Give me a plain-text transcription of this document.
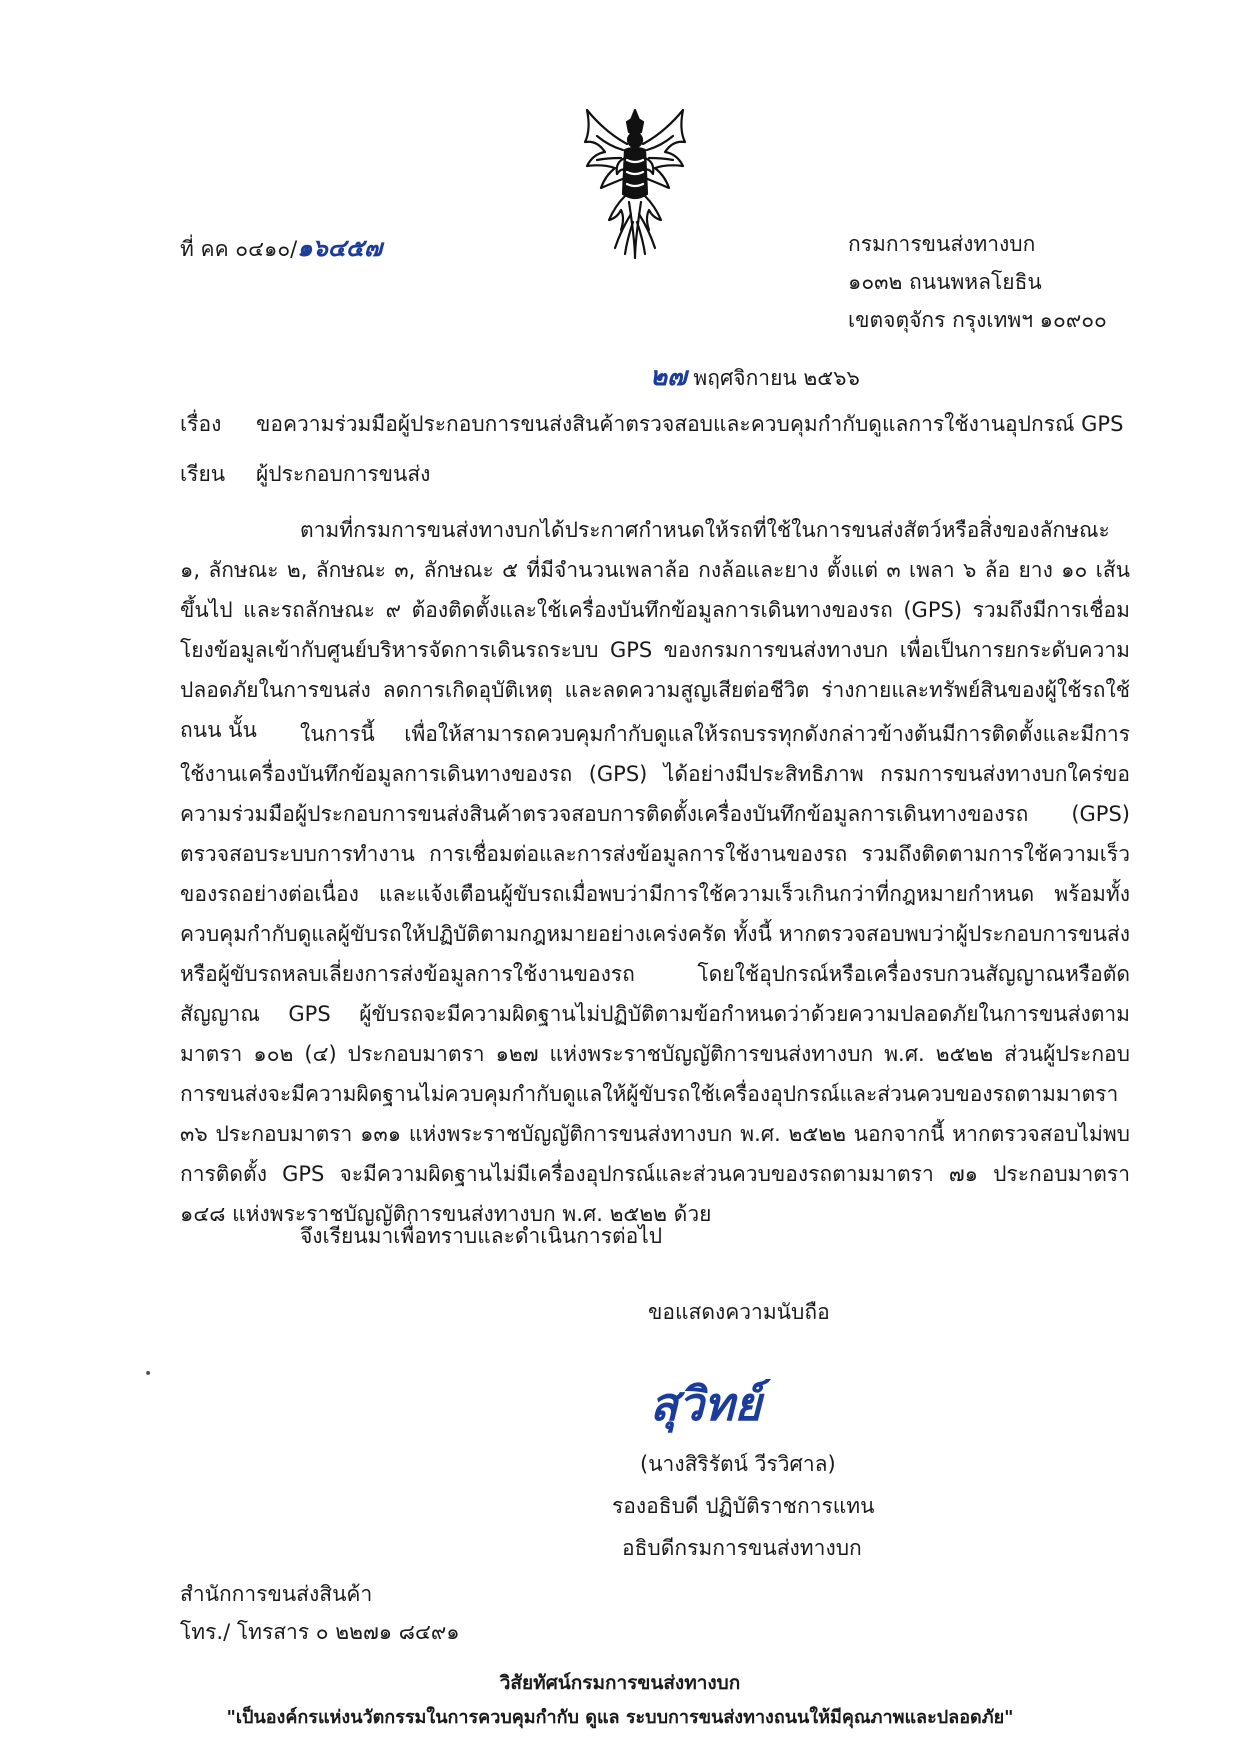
ที่ คค ๐๔๑๐/๑๖๔๕๗	กรมการขนส่งทางบก
๑๐๓๒ ถนนพหลโยธิน
เขตจตุจักร กรุงเทพฯ ๑๐๙๐๐
๒๗ พฤศจิกายน ๒๕๖๖
เรื่อง ขอความร่วมมือผู้ประกอบการขนส่งสินค้าตรวจสอบและควบคุมกำกับดูแลการใช้งานอุปกรณ์ GPS
เรียน ผู้ประกอบการขนส่ง
ตามที่กรมการขนส่งทางบกได้ประกาศกำหนดให้รถที่ใช้ในการขนส่งสัตว์หรือสิ่งของลักษณะ ๑, ลักษณะ ๒, ลักษณะ ๓, ลักษณะ ๕ ที่มีจำนวนเพลาล้อ กงล้อและยาง ตั้งแต่ ๓ เพลา ๖ ล้อ ยาง ๑๐ เส้นขึ้นไป และรถลักษณะ ๙ ต้องติดตั้งและใช้เครื่องบันทึกข้อมูลการเดินทางของรถ (GPS) รวมถึงมีการเชื่อมโยงข้อมูลเข้ากับศูนย์บริหารจัดการเดินรถระบบ GPS ของกรมการขนส่งทางบก เพื่อเป็นการยกระดับความปลอดภัยในการขนส่ง ลดการเกิดอุบัติเหตุ และลดความสูญเสียต่อชีวิต ร่างกายและทรัพย์สินของผู้ใช้รถใช้ถนน นั้น	ในการนี้ เพื่อให้สามารถควบคุมกำกับดูแลให้รถบรรทุกดังกล่าวข้างต้นมีการติดตั้งและมีการใช้งานเครื่องบันทึกข้อมูลการเดินทางของรถ (GPS) ได้อย่างมีประสิทธิภาพ กรมการขนส่งทางบกใคร่ขอความร่วมมือผู้ประกอบการขนส่งสินค้าตรวจสอบการติดตั้งเครื่องบันทึกข้อมูลการเดินทางของรถ (GPS) ตรวจสอบระบบการทำงาน การเชื่อมต่อและการส่งข้อมูลการใช้งานของรถ รวมถึงติดตามการใช้ความเร็วของรถอย่างต่อเนื่อง และแจ้งเตือนผู้ขับรถเมื่อพบว่ามีการใช้ความเร็วเกินกว่าที่กฎหมายกำหนด พร้อมทั้งควบคุมกำกับดูแลผู้ขับรถให้ปฏิบัติตามกฎหมายอย่างเคร่งครัด ทั้งนี้ หากตรวจสอบพบว่าผู้ประกอบการขนส่งหรือผู้ขับรถหลบเลี่ยงการส่งข้อมูลการใช้งานของรถ โดยใช้อุปกรณ์หรือเครื่องรบกวนสัญญาณหรือตัดสัญญาณ GPS ผู้ขับรถจะมีความผิดฐานไม่ปฏิบัติตามข้อกำหนดว่าด้วยความปลอดภัยในการขนส่งตามมาตรา ๑๐๒ (๔) ประกอบมาตรา ๑๒๗ แห่งพระราชบัญญัติการขนส่งทางบก พ.ศ. ๒๕๒๒ ส่วนผู้ประกอบการขนส่งจะมีความผิดฐานไม่ควบคุมกำกับดูแลให้ผู้ขับรถใช้เครื่องอุปกรณ์และส่วนควบของรถตามมาตรา ๓๖ ประกอบมาตรา ๑๓๑ แห่งพระราชบัญญัติการขนส่งทางบก พ.ศ. ๒๕๒๒ นอกจากนี้ หากตรวจสอบไม่พบการติดตั้ง GPS จะมีความผิดฐานไม่มีเครื่องอุปกรณ์และส่วนควบของรถตามมาตรา ๗๑ ประกอบมาตรา ๑๔๘ แห่งพระราชบัญญัติการขนส่งทางบก พ.ศ. ๒๕๒๒ ด้วย
จึงเรียนมาเพื่อทราบและดำเนินการต่อไป
ขอแสดงความนับถือ
•
สุวิทย์
(นางสิริรัตน์ วีรวิศาล)
รองอธิบดี ปฏิบัติราชการแทน
อธิบดีกรมการขนส่งทางบก
สำนักการขนส่งสินค้า
โทร./ โทรสาร ๐ ๒๒๗๑ ๘๔๙๑
วิสัยทัศน์กรมการขนส่งทางบก
"เป็นองค์กรแห่งนวัตกรรมในการควบคุมกำกับ ดูแล ระบบการขนส่งทางถนนให้มีคุณภาพและปลอดภัย"
